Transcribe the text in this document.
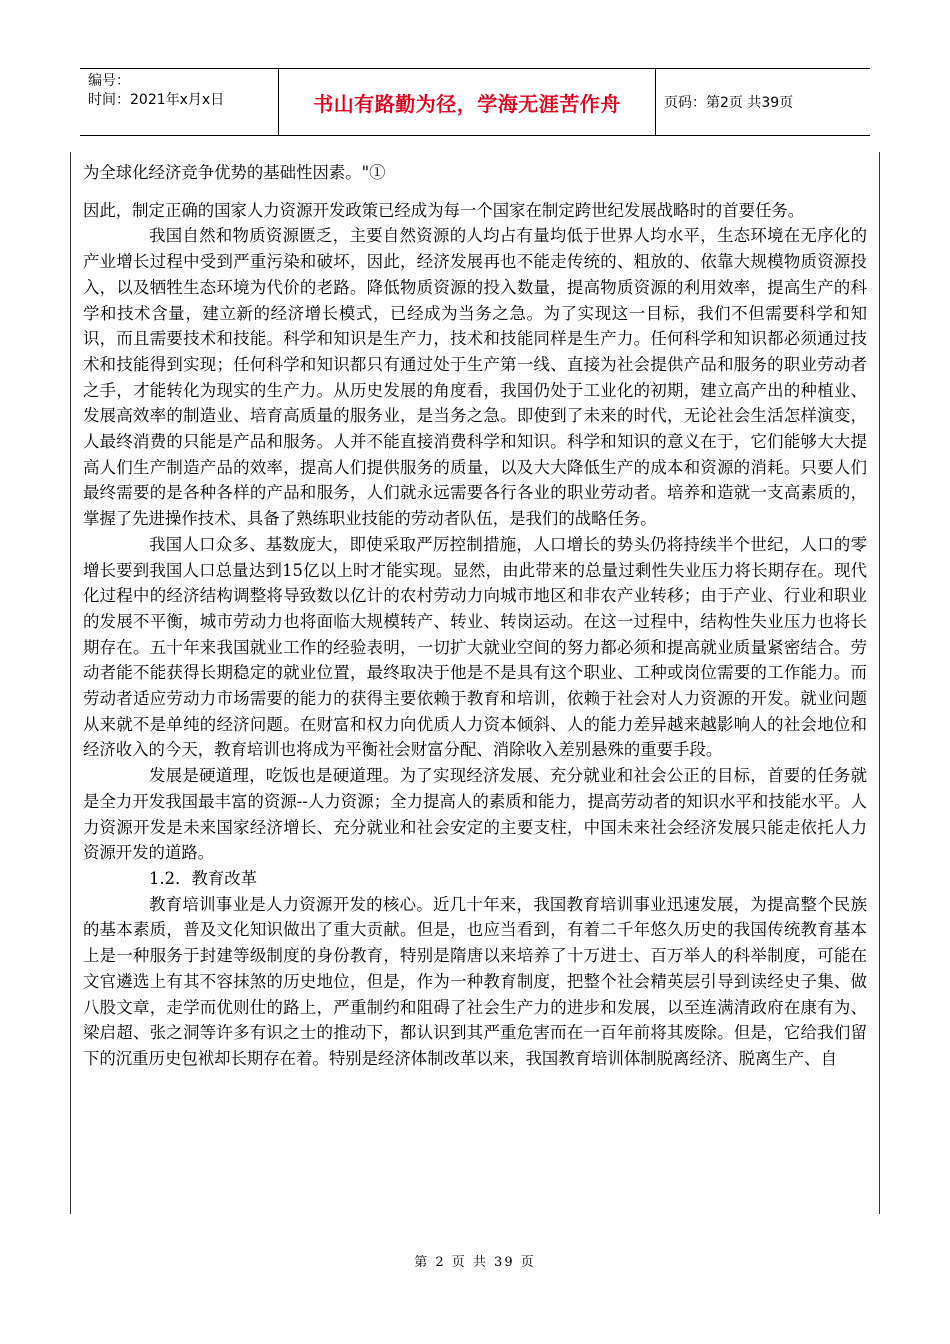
编号：
时间：2021年x月x日	书山有路勤为径，学海无涯苦作舟	页码：第2页 共39页

为全球化经济竞争优势的基础性因素。"①

因此，制定正确的国家人力资源开发政策已经成为每一个国家在制定跨世纪发展战略时的首要任务。

我国自然和物质资源匮乏，主要自然资源的人均占有量均低于世界人均水平，生态环境在无序化的产业增长过程中受到严重污染和破坏，因此，经济发展再也不能走传统的、粗放的、依靠大规模物质资源投入，以及牺牲生态环境为代价的老路。降低物质资源的投入数量，提高物质资源的利用效率，提高生产的科学和技术含量，建立新的经济增长模式，已经成为当务之急。为了实现这一目标，我们不但需要科学和知识，而且需要技术和技能。科学和知识是生产力，技术和技能同样是生产力。任何科学和知识都必须通过技术和技能得到实现；任何科学和知识都只有通过处于生产第一线、直接为社会提供产品和服务的职业劳动者之手，才能转化为现实的生产力。从历史发展的角度看，我国仍处于工业化的初期，建立高产出的种植业、发展高效率的制造业、培育高质量的服务业，是当务之急。即使到了未来的时代，无论社会生活怎样演变，人最终消费的只能是产品和服务。人并不能直接消费科学和知识。科学和知识的意义在于，它们能够大大提高人们生产制造产品的效率，提高人们提供服务的质量，以及大大降低生产的成本和资源的消耗。只要人们最终需要的是各种各样的产品和服务，人们就永远需要各行各业的职业劳动者。培养和造就一支高素质的，掌握了先进操作技术、具备了熟练职业技能的劳动者队伍，是我们的战略任务。

我国人口众多、基数庞大，即使采取严厉控制措施，人口增长的势头仍将持续半个世纪，人口的零增长要到我国人口总量达到15亿以上时才能实现。显然，由此带来的总量过剩性失业压力将长期存在。现代化过程中的经济结构调整将导致数以亿计的农村劳动力向城市地区和非农产业转移；由于产业、行业和职业的发展不平衡，城市劳动力也将面临大规模转产、转业、转岗运动。在这一过程中，结构性失业压力也将长期存在。五十年来我国就业工作的经验表明，一切扩大就业空间的努力都必须和提高就业质量紧密结合。劳动者能不能获得长期稳定的就业位置，最终取决于他是不是具有这个职业、工种或岗位需要的工作能力。而劳动者适应劳动力市场需要的能力的获得主要依赖于教育和培训，依赖于社会对人力资源的开发。就业问题从来就不是单纯的经济问题。在财富和权力向优质人力资本倾斜、人的能力差异越来越影响人的社会地位和经济收入的今天，教育培训也将成为平衡社会财富分配、消除收入差别悬殊的重要手段。

发展是硬道理，吃饭也是硬道理。为了实现经济发展、充分就业和社会公正的目标，首要的任务就是全力开发我国最丰富的资源--人力资源；全力提高人的素质和能力，提高劳动者的知识水平和技能水平。人力资源开发是未来国家经济增长、充分就业和社会安定的主要支柱，中国未来社会经济发展只能走依托人力资源开发的道路。

1.2．教育改革

教育培训事业是人力资源开发的核心。近几十年来，我国教育培训事业迅速发展，为提高整个民族的基本素质，普及文化知识做出了重大贡献。但是，也应当看到，有着二千年悠久历史的我国传统教育基本上是一种服务于封建等级制度的身份教育，特别是隋唐以来培养了十万进士、百万举人的科举制度，可能在文官遴选上有其不容抹煞的历史地位，但是，作为一种教育制度，把整个社会精英层引导到读经史子集、做八股文章，走学而优则仕的路上，严重制约和阻碍了社会生产力的进步和发展，以至连满清政府在康有为、梁启超、张之洞等许多有识之士的推动下，都认识到其严重危害而在一百年前将其废除。但是，它给我们留下的沉重历史包袱却长期存在着。特别是经济体制改革以来，我国教育培训体制脱离经济、脱离生产、自

第 2 页 共 39 页
